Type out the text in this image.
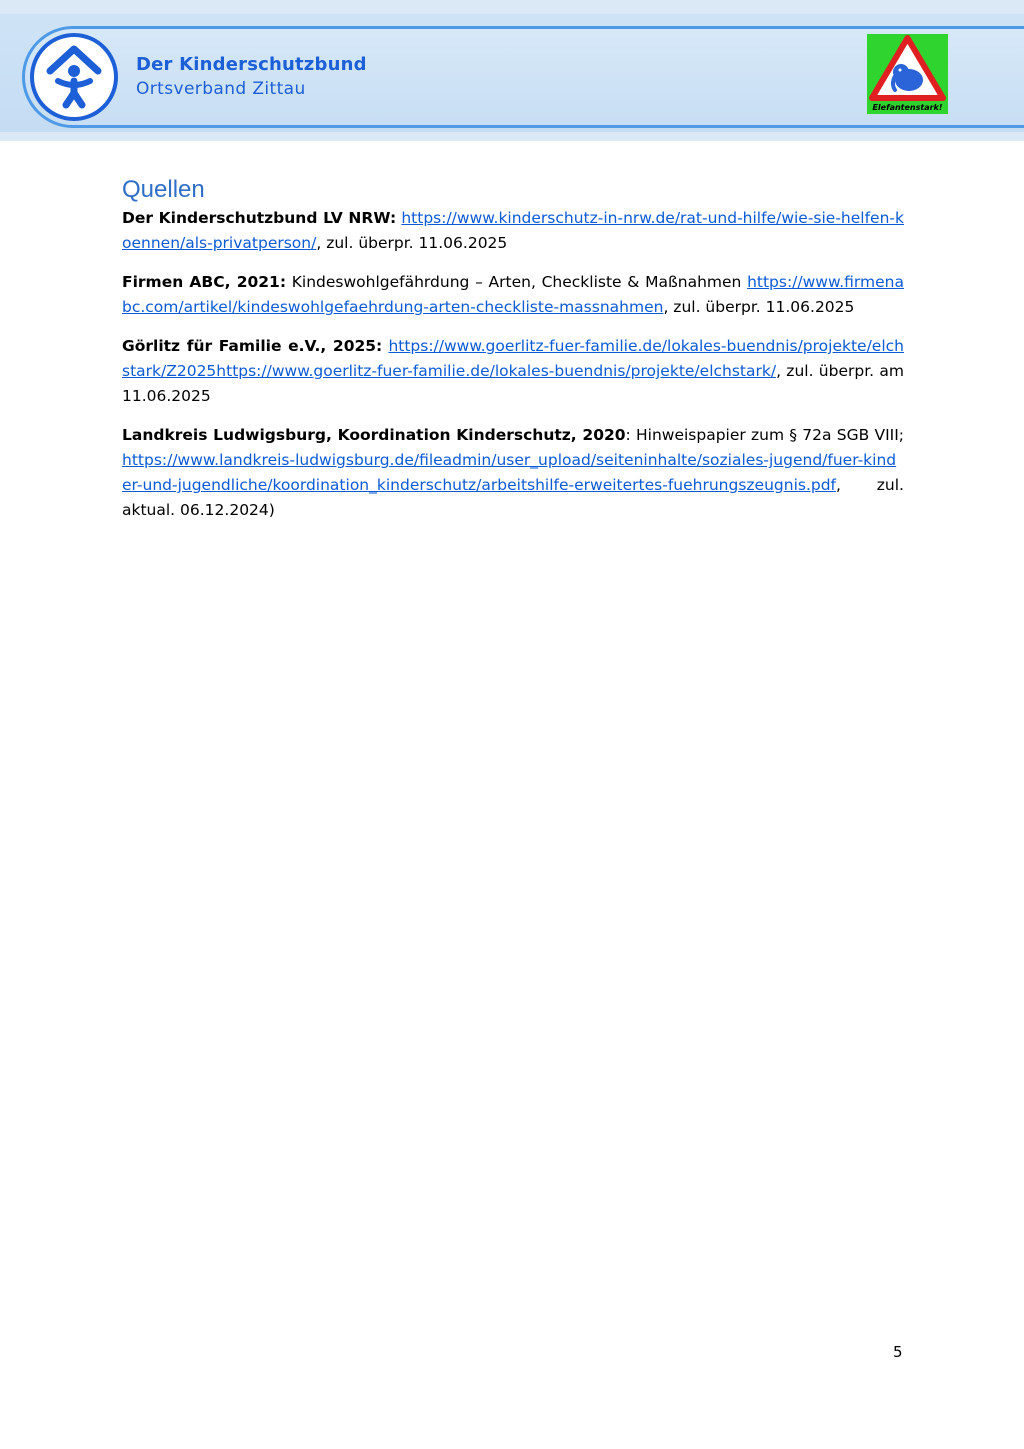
Der Kinderschutzbund
Ortsverband Zittau
Elefantenstark!
Quellen

Der Kinderschutzbund LV NRW: https://www.kinderschutz-in-nrw.de/rat-und-hilfe/wie-sie-helfen-koennen/als-privatperson/, zul. überpr. 11.06.2025

Firmen ABC, 2021: Kindeswohlgefährdung – Arten, Checkliste & Maßnahmen https://www.firmenabc.com/artikel/kindeswohlgefaehrdung-arten-checkliste-massnahmen, zul. überpr. 11.06.2025

Görlitz für Familie e.V., 2025: https://www.goerlitz-fuer-familie.de/lokales-buendnis/projekte/elchstark/Z2025https://www.goerlitz-fuer-familie.de/lokales-buendnis/projekte/elchstark/, zul. überpr. am 11.06.2025

Landkreis Ludwigsburg, Koordination Kinderschutz, 2020: Hinweispapier zum § 72a SGB VIII; https://www.landkreis-ludwigsburg.de/fileadmin/user_upload/seiteninhalte/soziales-jugend/fuer-kinder-und-jugendliche/koordination_kinderschutz/arbeitshilfe-erweitertes-fuehrungszeugnis.pdf, zul. aktual. 06.12.2024)

5
